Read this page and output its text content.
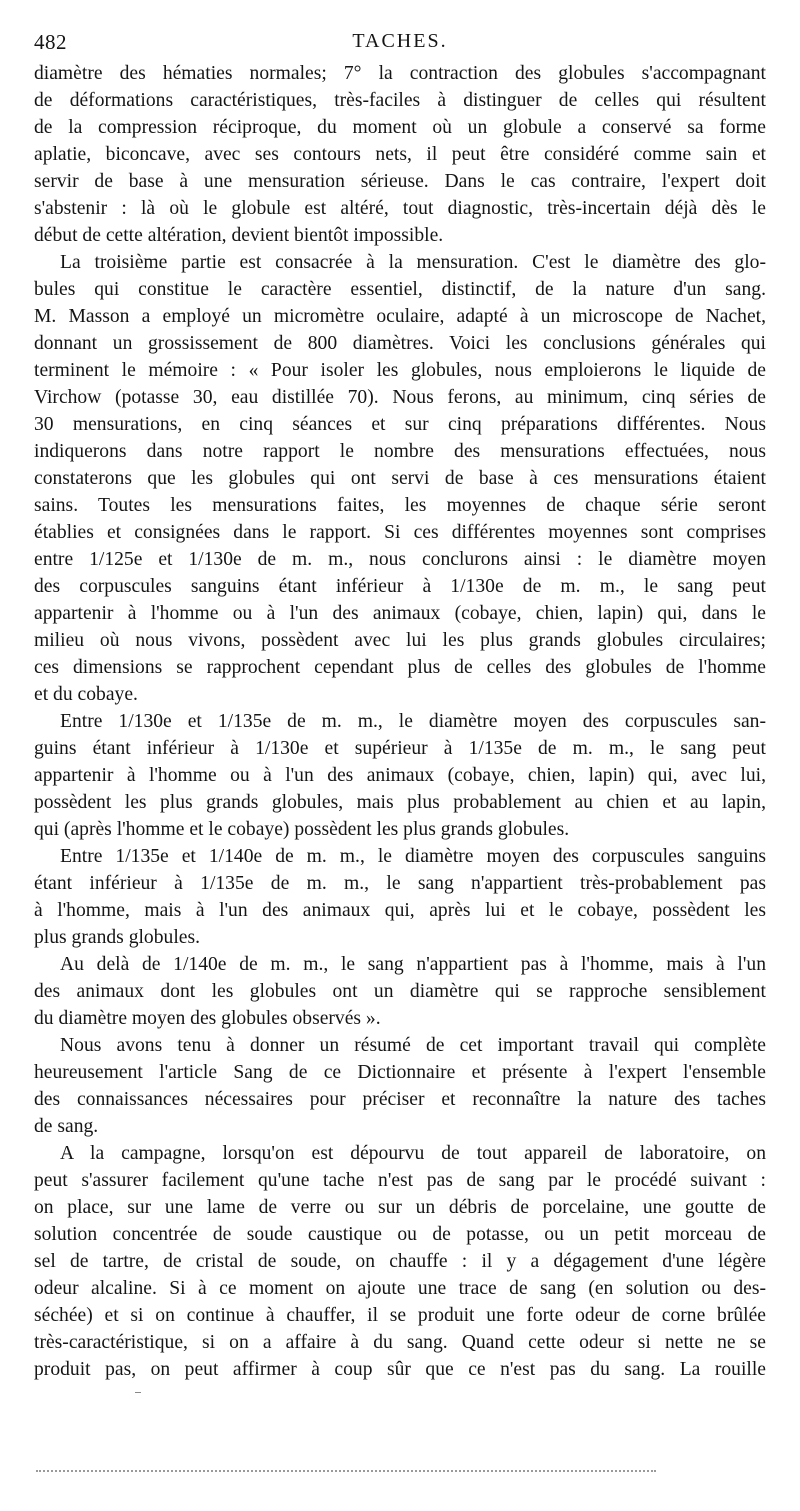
482	TACHES.
diamètre des hématies normales; 7° la contraction des globules s'accompagnant
de déformations caractéristiques, très-faciles à distinguer de celles qui résultent
de la compression réciproque, du moment où un globule a conservé sa forme
aplatie, biconcave, avec ses contours nets, il peut être considéré comme sain et
servir de base à une mensuration sérieuse. Dans le cas contraire, l'expert doit
s'abstenir : là où le globule est altéré, tout diagnostic, très-incertain déjà dès le
début de cette altération, devient bientôt impossible.
La troisième partie est consacrée à la mensuration. C'est le diamètre des glo-
bules qui constitue le caractère essentiel, distinctif, de la nature d'un sang.
M. Masson a employé un micromètre oculaire, adapté à un microscope de Nachet,
donnant un grossissement de 800 diamètres. Voici les conclusions générales qui
terminent le mémoire : « Pour isoler les globules, nous emploierons le liquide de
Virchow (potasse 30, eau distillée 70). Nous ferons, au minimum, cinq séries de
30 mensurations, en cinq séances et sur cinq préparations différentes. Nous
indiquerons dans notre rapport le nombre des mensurations effectuées, nous
constaterons que les globules qui ont servi de base à ces mensurations étaient
sains. Toutes les mensurations faites, les moyennes de chaque série seront
établies et consignées dans le rapport. Si ces différentes moyennes sont comprises
entre 1/125e et 1/130e de m. m., nous conclurons ainsi : le diamètre moyen
des corpuscules sanguins étant inférieur à 1/130e de m. m., le sang peut
appartenir à l'homme ou à l'un des animaux (cobaye, chien, lapin) qui, dans le
milieu où nous vivons, possèdent avec lui les plus grands globules circulaires;
ces dimensions se rapprochent cependant plus de celles des globules de l'homme
et du cobaye.
Entre 1/130e et 1/135e de m. m., le diamètre moyen des corpuscules san-
guins étant inférieur à 1/130e et supérieur à 1/135e de m. m., le sang peut
appartenir à l'homme ou à l'un des animaux (cobaye, chien, lapin) qui, avec lui,
possèdent les plus grands globules, mais plus probablement au chien et au lapin,
qui (après l'homme et le cobaye) possèdent les plus grands globules.
Entre 1/135e et 1/140e de m. m., le diamètre moyen des corpuscules sanguins
étant inférieur à 1/135e de m. m., le sang n'appartient très-probablement pas
à l'homme, mais à l'un des animaux qui, après lui et le cobaye, possèdent les
plus grands globules.
Au delà de 1/140e de m. m., le sang n'appartient pas à l'homme, mais à l'un
des animaux dont les globules ont un diamètre qui se rapproche sensiblement
du diamètre moyen des globules observés ».
Nous avons tenu à donner un résumé de cet important travail qui complète
heureusement l'article Sang de ce Dictionnaire et présente à l'expert l'ensemble
des connaissances nécessaires pour préciser et reconnaître la nature des taches
de sang.
A la campagne, lorsqu'on est dépourvu de tout appareil de laboratoire, on
peut s'assurer facilement qu'une tache n'est pas de sang par le procédé suivant :
on place, sur une lame de verre ou sur un débris de porcelaine, une goutte de
solution concentrée de soude caustique ou de potasse, ou un petit morceau de
sel de tartre, de cristal de soude, on chauffe : il y a dégagement d'une légère
odeur alcaline. Si à ce moment on ajoute une trace de sang (en solution ou des-
séchée) et si on continue à chauffer, il se produit une forte odeur de corne brûlée
très-caractéristique, si on a affaire à du sang. Quand cette odeur si nette ne se
produit pas, on peut affirmer à coup sûr que ce n'est pas du sang. La rouille
